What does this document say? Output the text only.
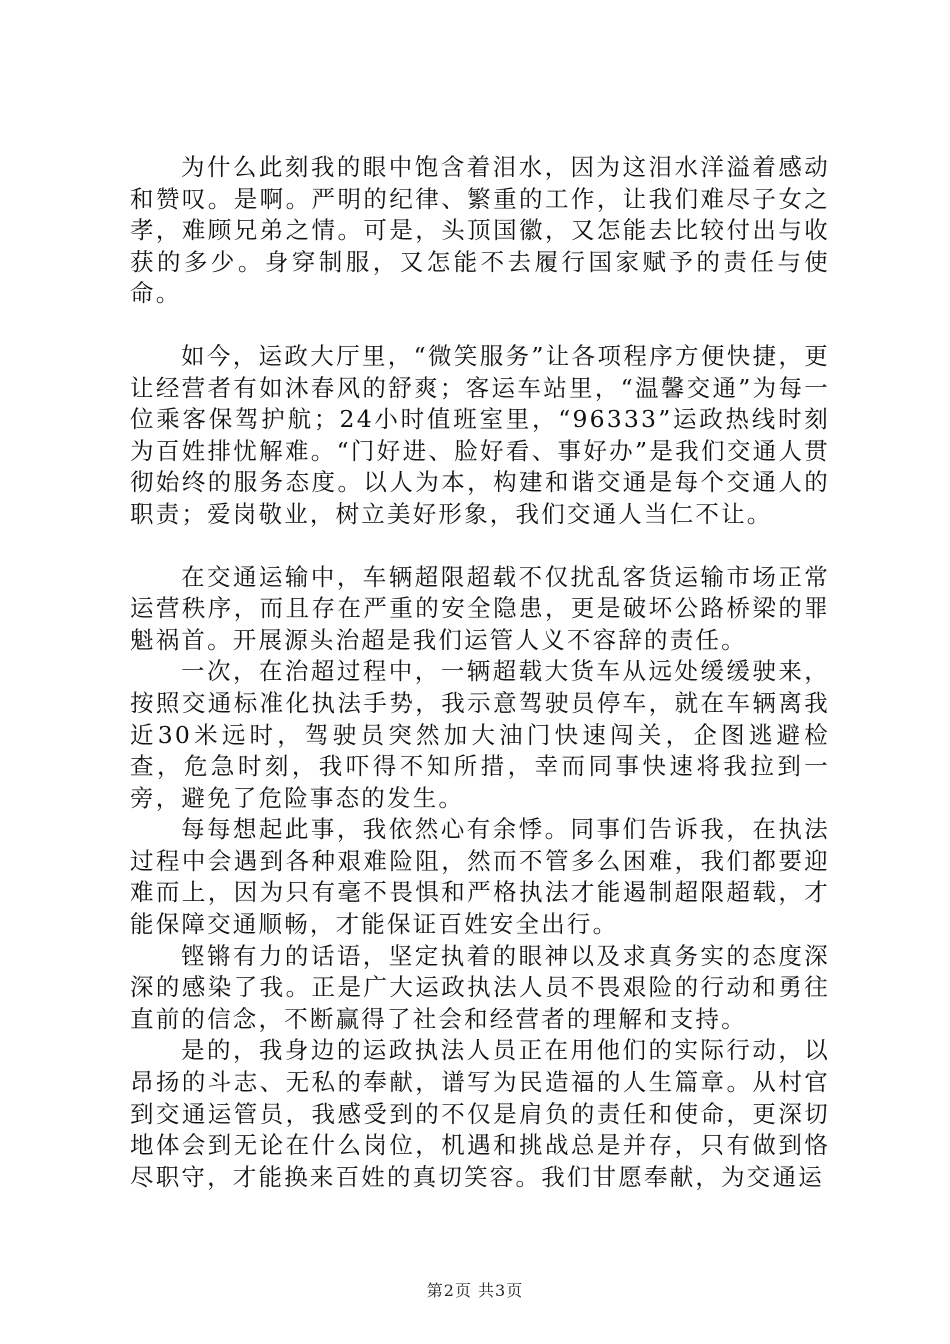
为什么此刻我的眼中饱含着泪水，因为这泪水洋溢着感动和赞叹。是啊。严明的纪律、繁重的工作，让我们难尽子女之孝，难顾兄弟之情。可是，头顶国徽，又怎能去比较付出与收获的多少。身穿制服，又怎能不去履行国家赋予的责任与使命。

如今，运政大厅里，“微笑服务”让各项程序方便快捷，更让经营者有如沐春风的舒爽；客运车站里，“温馨交通”为每一位乘客保驾护航；24小时值班室里，“96333”运政热线时刻为百姓排忧解难。“门好进、脸好看、事好办”是我们交通人贯彻始终的服务态度。以人为本，构建和谐交通是每个交通人的职责；爱岗敬业，树立美好形象，我们交通人当仁不让。

在交通运输中，车辆超限超载不仅扰乱客货运输市场正常运营秩序，而且存在严重的安全隐患，更是破坏公路桥梁的罪魁祸首。开展源头治超是我们运管人义不容辞的责任。

一次，在治超过程中，一辆超载大货车从远处缓缓驶来，按照交通标准化执法手势，我示意驾驶员停车，就在车辆离我近30米远时，驾驶员突然加大油门快速闯关，企图逃避检查，危急时刻，我吓得不知所措，幸而同事快速将我拉到一旁，避免了危险事态的发生。

每每想起此事，我依然心有余悸。同事们告诉我，在执法过程中会遇到各种艰难险阻，然而不管多么困难，我们都要迎难而上，因为只有毫不畏惧和严格执法才能遏制超限超载，才能保障交通顺畅，才能保证百姓安全出行。

铿锵有力的话语，坚定执着的眼神以及求真务实的态度深深的感染了我。正是广大运政执法人员不畏艰险的行动和勇往直前的信念，不断赢得了社会和经营者的理解和支持。

是的，我身边的运政执法人员正在用他们的实际行动，以昂扬的斗志、无私的奉献，谱写为民造福的人生篇章。从村官到交通运管员，我感受到的不仅是肩负的责任和使命，更深切地体会到无论在什么岗位，机遇和挑战总是并存，只有做到恪尽职守，才能换来百姓的真切笑容。我们甘愿奉献，为交通运

第2页 共3页
